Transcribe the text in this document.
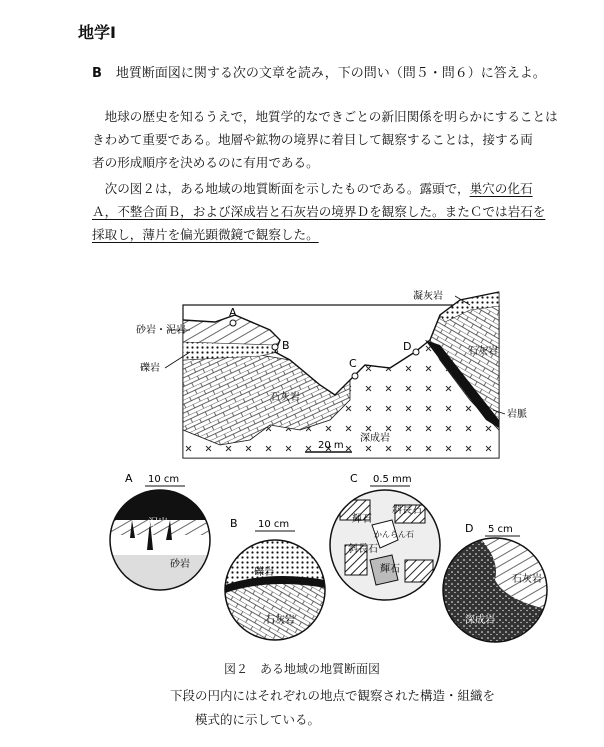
地学Ⅰ
B 地質断面図に関する次の文章を読み，下の問い（問５・問６）に答えよ。
地球の歴史を知るうえで，地質学的なできごとの新旧関係を明らかにすることは
きわめて重要である。地層や鉱物の境界に着目して観察することは，接する両
者の形成順序を決めるのに有用である。
次の図２は，ある地域の地質断面を示したものである。露頭で，巣穴の化石
Ａ，不整合面Ｂ，および深成岩と石灰岩の境界Ｄを観察した。またＣでは岩石を
採取し，薄片を偏光顕微鏡で観察した。
砂岩・泥岩
礫岩
石灰岩
石灰岩
凝灰岩
岩脈
深成岩
20 m
A
B
C
D
A 10 cm
泥岩
砂岩
B 10 cm
礫岩
石灰岩
C 0.5 mm
斜長石
輝石
かんらん石
斜長石
輝石
D 5 cm
石灰岩
深成岩
図２　ある地域の地質断面図
下段の円内にはそれぞれの地点で観察された構造・組織を
模式的に示している。
